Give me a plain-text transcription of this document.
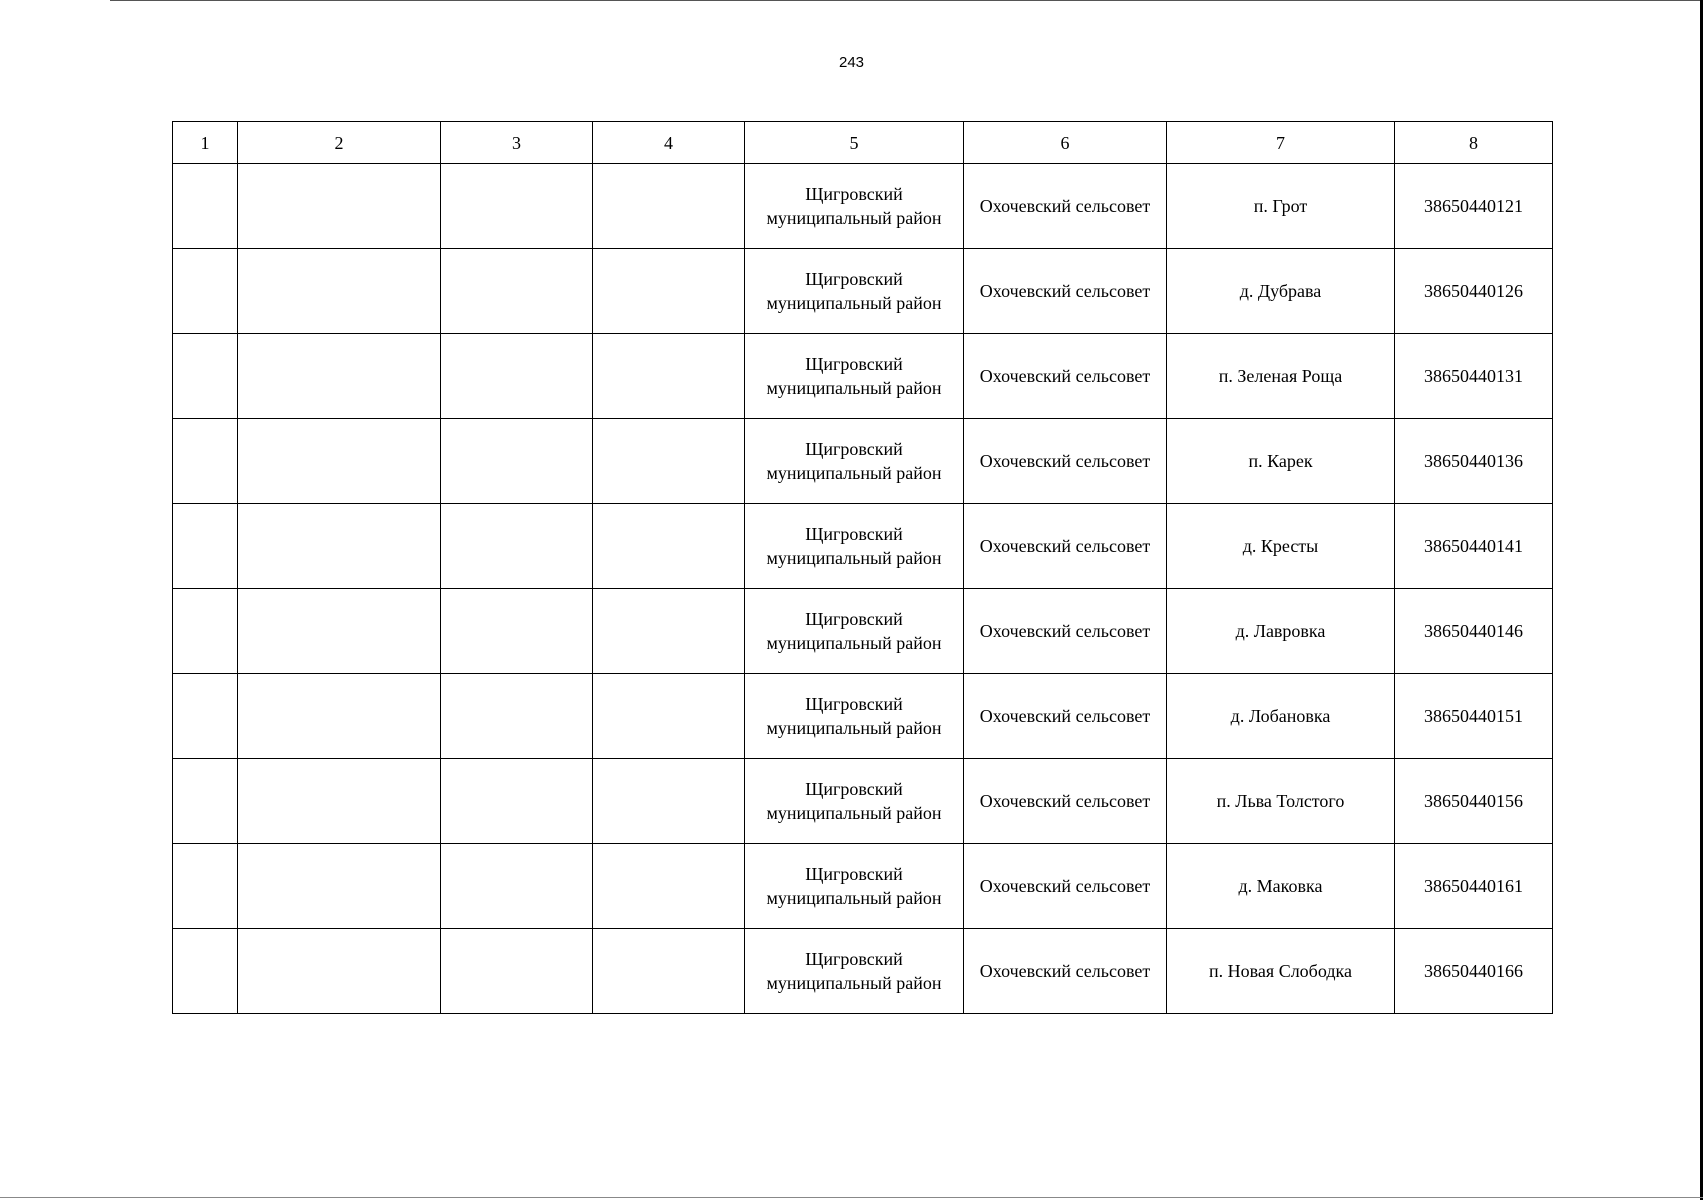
243
1	2	3	4	5	6	7	8
				Щигровский
муниципальный район	Охочевский сельсовет	п. Грот	38650440121
				Щигровский
муниципальный район	Охочевский сельсовет	д. Дубрава	38650440126
				Щигровский
муниципальный район	Охочевский сельсовет	п. Зеленая Роща	38650440131
				Щигровский
муниципальный район	Охочевский сельсовет	п. Карек	38650440136
				Щигровский
муниципальный район	Охочевский сельсовет	д. Кресты	38650440141
				Щигровский
муниципальный район	Охочевский сельсовет	д. Лавровка	38650440146
				Щигровский
муниципальный район	Охочевский сельсовет	д. Лобановка	38650440151
				Щигровский
муниципальный район	Охочевский сельсовет	п. Льва Толстого	38650440156
				Щигровский
муниципальный район	Охочевский сельсовет	д. Маковка	38650440161
				Щигровский
муниципальный район	Охочевский сельсовет	п. Новая Слободка	38650440166
